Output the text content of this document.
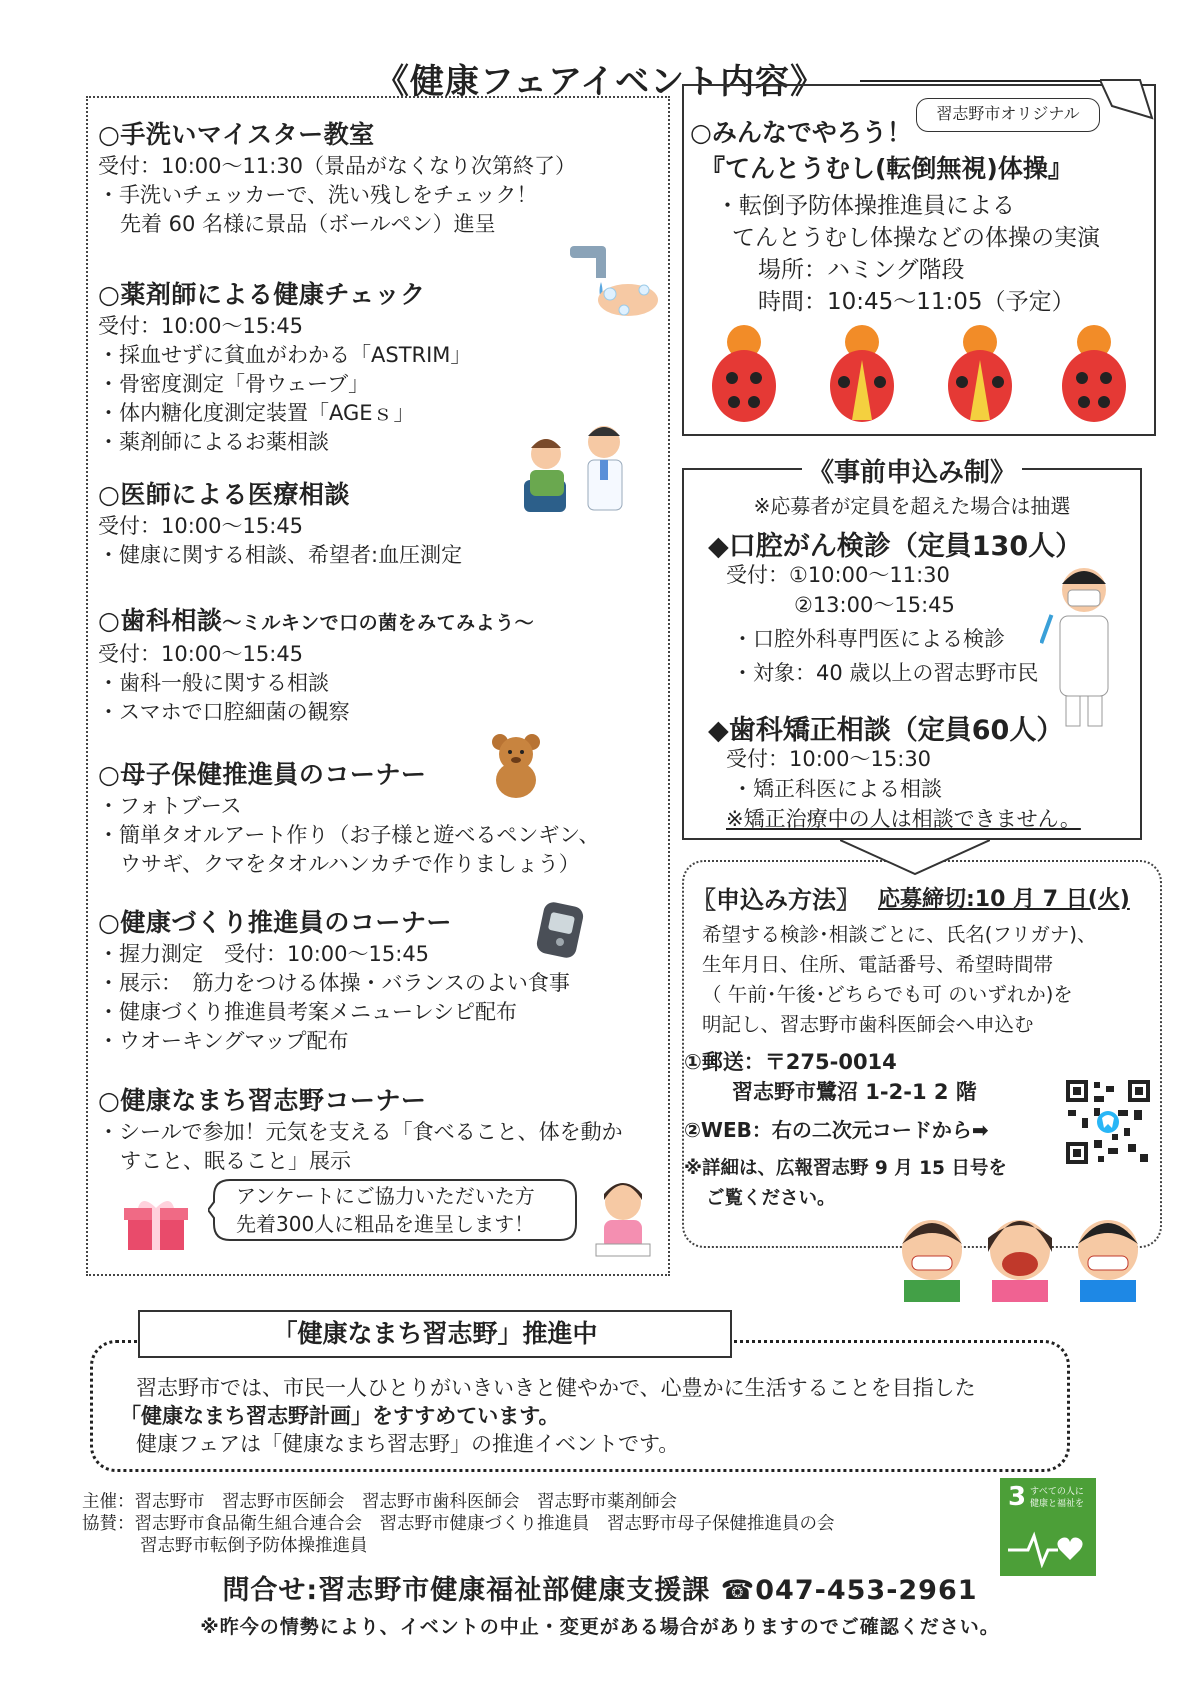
《健康フェアイベント内容》
○手洗いマイスター教室
受付：10:00～11:30（景品がなくなり次第終了）
・手洗いチェッカーで、洗い残しをチェック！
先着 60 名様に景品（ボールペン）進呈
○薬剤師による健康チェック
受付：10:00～15:45
・採血せずに貧血がわかる「ASTRIM」
・骨密度測定「骨ウェーブ」
・体内糖化度測定装置「AGEｓ」
・薬剤師によるお薬相談
○医師による医療相談
受付：10:00～15:45
・健康に関する相談、希望者:血圧測定
○歯科相談～ミルキンで口の菌をみてみよう～
受付：10:00～15:45
・歯科一般に関する相談
・スマホで口腔細菌の観察
○母子保健推進員のコーナー
・フォトブース
・簡単タオルアート作り（お子様と遊べるペンギン、
ウサギ、クマをタオルハンカチで作りましょう）
○健康づくり推進員のコーナー
・握力測定　受付：10:00～15:45
・展示：　筋力をつける体操・バランスのよい食事
・健康づくり推進員考案メニューレシピ配布
・ウオーキングマップ配布
○健康なまち習志野コーナー
・シールで参加！元気を支える「食べること、体を動か
すこと、眠ること」展示
アンケートにご協力いただいた方
先着300人に粗品を進呈します！
習志野市オリジナル
○みんなでやろう！
『てんとうむし(転倒無視)体操』
・転倒予防体操推進員による
てんとうむし体操などの体操の実演
場所：ハミング階段
時間：10:45～11:05（予定）
《事前申込み制》
※応募者が定員を超えた場合は抽選
◆口腔がん検診（定員130人）
受付：①10:00～11:30
②13:00～15:45
・口腔外科専門医による検診
・対象：40 歳以上の習志野市民
◆歯科矯正相談（定員60人）
受付：10:00～15:30
・矯正科医による相談
※矯正治療中の人は相談できません。
〖申込み方法〗 応募締切:10 月 7 日(火)
希望する検診･相談ごとに、氏名(フリガナ)、
生年月日、住所、電話番号、希望時間帯
（ 午前･午後･どちらでも可 のいずれか)を
明記し、習志野市歯科医師会へ申込む
①郵送：〒275-0014
習志野市鷺沼 1-2-1 2 階
②WEB：右の二次元コードから➡
※詳細は、広報習志野 9 月 15 日号を
ご覧ください。
「健康なまち習志野」推進中
習志野市では、市民一人ひとりがいきいきと健やかで、心豊かに生活することを目指した
「健康なまち習志野計画」をすすめています。
健康フェアは「健康なまち習志野」の推進イベントです。
主催：習志野市　習志野市医師会　習志野市歯科医師会　習志野市薬剤師会
協賛：習志野市食品衛生組合連合会　習志野市健康づくり推進員　習志野市母子保健推進員の会
習志野市転倒予防体操推進員
3 すべての人に
健康と福祉を
問合せ:習志野市健康福祉部健康支援課 ☎047-453-2961
※昨今の情勢により、イベントの中止・変更がある場合がありますのでご確認ください。
